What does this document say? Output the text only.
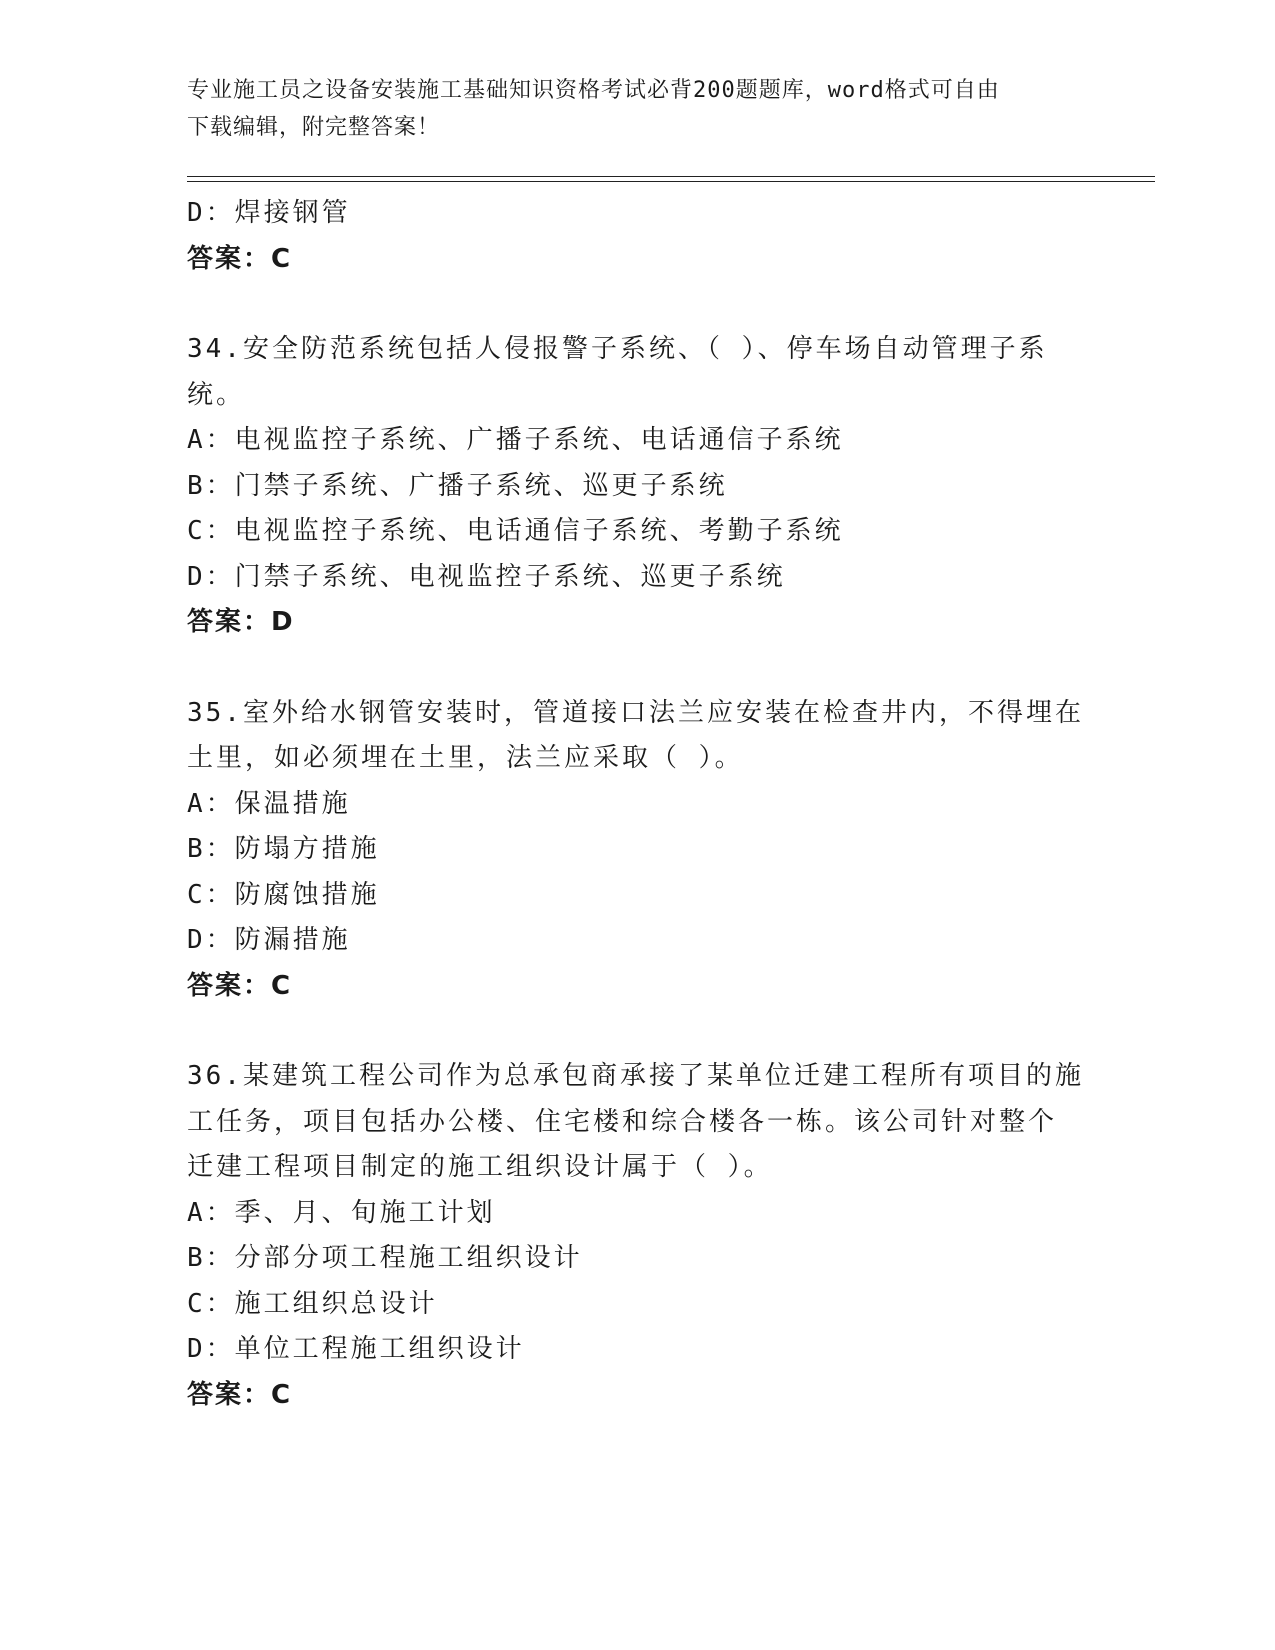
专业施工员之设备安装施工基础知识资格考试必背200题题库，word格式可自由
下载编辑，附完整答案！
D：焊接钢管
答案：C
34.安全防范系统包括人侵报警子系统、（ ）、停车场自动管理子系
统。
A：电视监控子系统、广播子系统、电话通信子系统
B：门禁子系统、广播子系统、巡更子系统
C：电视监控子系统、电话通信子系统、考勤子系统
D：门禁子系统、电视监控子系统、巡更子系统
答案：D
35.室外给水钢管安装时，管道接口法兰应安装在检查井内，不得埋在
土里，如必须埋在土里，法兰应采取（ ）。
A：保温措施
B：防塌方措施
C：防腐蚀措施
D：防漏措施
答案：C
36.某建筑工程公司作为总承包商承接了某单位迁建工程所有项目的施
工任务，项目包括办公楼、住宅楼和综合楼各一栋。该公司针对整个
迁建工程项目制定的施工组织设计属于（ ）。
A：季、月、旬施工计划
B：分部分项工程施工组织设计
C：施工组织总设计
D：单位工程施工组织设计
答案：C
